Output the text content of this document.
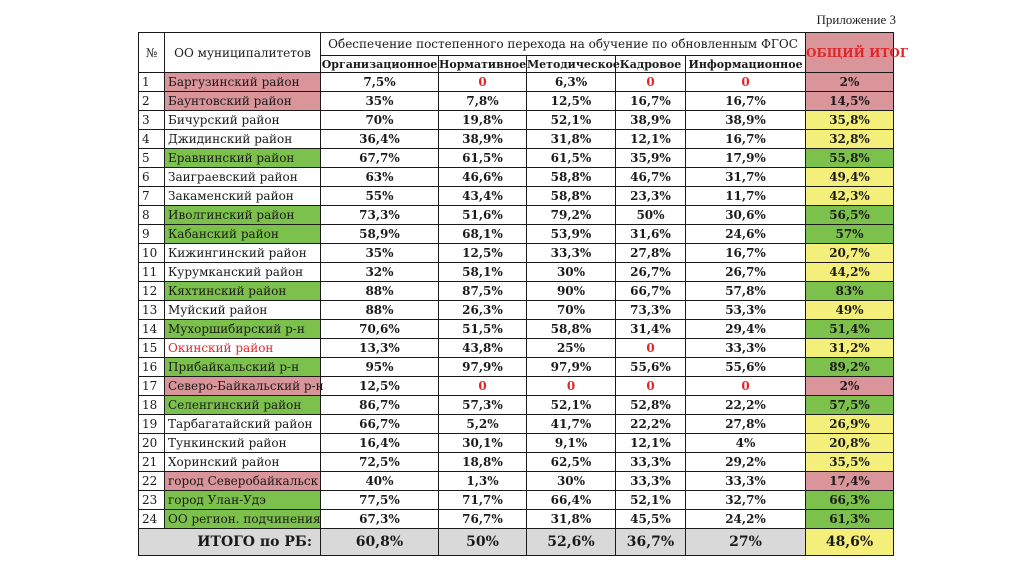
Приложение 3
№	ОО муниципалитетов	Обеспечение постепенного перехода на обучение по обновленным ФГОС					ОБЩИЙ ИТОГ
		Организационное	Нормативное	Методическое	Кадровое	Информационное	
1	Баргузинский район	7,5%	0	6,3%	0	0	2%
2	Баунтовский район	35%	7,8%	12,5%	16,7%	16,7%	14,5%
3	Бичурский район	70%	19,8%	52,1%	38,9%	38,9%	35,8%
4	Джидинский район	36,4%	38,9%	31,8%	12,1%	16,7%	32,8%
5	Еравнинский район	67,7%	61,5%	61,5%	35,9%	17,9%	55,8%
6	Заиграевский район	63%	46,6%	58,8%	46,7%	31,7%	49,4%
7	Закаменский район	55%	43,4%	58,8%	23,3%	11,7%	42,3%
8	Иволгинский район	73,3%	51,6%	79,2%	50%	30,6%	56,5%
9	Кабанский район	58,9%	68,1%	53,9%	31,6%	24,6%	57%
10	Кижингинский район	35%	12,5%	33,3%	27,8%	16,7%	20,7%
11	Курумканский район	32%	58,1%	30%	26,7%	26,7%	44,2%
12	Кяхтинский район	88%	87,5%	90%	66,7%	57,8%	83%
13	Муйский район	88%	26,3%	70%	73,3%	53,3%	49%
14	Мухоршибирский р-н	70,6%	51,5%	58,8%	31,4%	29,4%	51,4%
15	Окинский район	13,3%	43,8%	25%	0	33,3%	31,2%
16	Прибайкальский р-н	95%	97,9%	97,9%	55,6%	55,6%	89,2%
17	Северо-Байкальский р-н	12,5%	0	0	0	0	2%
18	Селенгинский район	86,7%	57,3%	52,1%	52,8%	22,2%	57,5%
19	Тарбагатайский район	66,7%	5,2%	41,7%	22,2%	27,8%	26,9%
20	Тункинский район	16,4%	30,1%	9,1%	12,1%	4%	20,8%
21	Хоринский район	72,5%	18,8%	62,5%	33,3%	29,2%	35,5%
22	город Северобайкальск	40%	1,3%	30%	33,3%	33,3%	17,4%
23	город Улан-Удэ	77,5%	71,7%	66,4%	52,1%	32,7%	66,3%
24	ОО регион. подчинения	67,3%	76,7%	31,8%	45,5%	24,2%	61,3%
ИТОГО по РБ:		60,8%	50%	52,6%	36,7%	27%	48,6%
